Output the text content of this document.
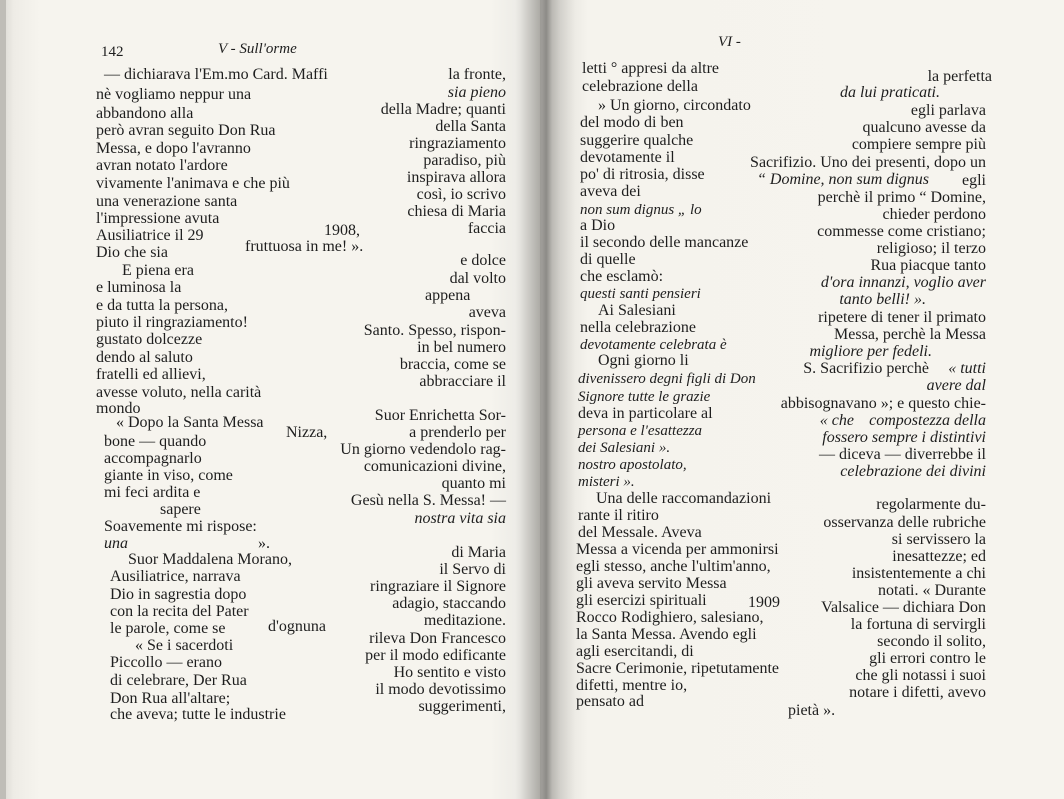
142	V - Sull'orme
— dichiarava l'Em.mo Card. Maffi
nè vogliamo neppur una
abbandono alla
però avran seguito Don Rua
Messa, e dopo l'avranno
avran notato l'ardore
vivamente l'animava e che più
una venerazione santa
l'impressione avuta
Ausiliatrice il 29
Dio che sia
E piena era
e luminosa la
e da tutta la persona,
piuto il ringraziamento!
gustato dolcezze
dendo al saluto
fratelli ed allievi,
avesse voluto, nella carità
mondo
« Dopo la Santa Messa
bone — quando
accompagnarlo
giante in viso, come
mi feci ardita e
sapere
Soavemente mi rispose:
una	».
Suor Maddalena Morano,
Ausiliatrice, narrava
Dio in sagrestia dopo
con la recita del Pater
le parole, come se	d'ognuna
« Se i sacerdoti
Piccollo — erano
di celebrare, Der Rua
Don Rua all'altare;
che aveva; tutte le industrie
la fronte,
sia pieno
della Madre; quanti
della Santa
ringraziamento
paradiso, più
inspirava allora
così, io scrivo
chiesa di Maria
1908,	faccia
fruttuosa in me! ».
e dolce
dal volto
appena
aveva
Santo. Spesso, rispon-
in bel numero
braccia, come se
abbracciare il
Suor Enrichetta Sor-
Nizza,	a prenderlo per
Un giorno vedendolo rag-
comunicazioni divine,
quanto mi
Gesù nella S. Messa! —
nostra vita sia
di Maria
il Servo di
ringraziare il Signore
adagio, staccando
meditazione.
rileva Don Francesco
per il modo edificante
Ho sentito e visto
il modo devotissimo
suggerimenti,
VI -
letti ° appresi da altre
celebrazione della
» Un giorno, circondato
del modo di ben
suggerire qualche
devotamente il
po' di ritrosia, disse
aveva dei
non sum dignus „ lo
a Dio
il secondo delle mancanze
di quelle
che esclamò:
questi santi pensieri
Ai Salesiani
nella celebrazione
devotamente celebrata è
Ogni giorno li
divenissero degni figli di Don
Signore tutte le grazie
deva in particolare al
persona e l'esattezza
dei Salesiani ».
nostro apostolato,
misteri ».
Una delle raccomandazioni
rante il ritiro
del Messale. Aveva
Messa a vicenda per ammonirsi
egli stesso, anche l'ultim'anno,
gli aveva servito Messa
gli esercizi spirituali	1909
Rocco Rodighiero, salesiano,
la Santa Messa. Avendo egli
agli esercitandi, di
Sacre Cerimonie, ripetutamente
difetti, mentre io,
pensato ad
la perfetta
da lui praticati.
egli parlava
qualcuno avesse da
compiere sempre più
Sacrifizio. Uno dei presenti, dopo un
“ Domine, non sum dignus egli
perchè il primo “ Domine,
chieder perdono
commesse come cristiano;
religioso; il terzo
Rua piacque tanto
d'ora innanzi, voglio aver
tanto belli! ».
ripetere di tener il primato
Messa, perchè la Messa
migliore per fedeli.
S. Sacrifizio perchè « tutti
avere dal
abbisognavano »; e questo chie-
« che compostezza della
fossero sempre i distintivi
— diceva — diverrebbe il
celebrazione dei divini
regolarmente du-
osservanza delle rubriche
si servissero la
inesattezze; ed
insistentemente a chi
notati. « Durante
Valsalice — dichiara Don
la fortuna di servirgli
secondo il solito,
gli errori contro le
che gli notassi i suoi
notare i difetti, avevo
pietà ».
